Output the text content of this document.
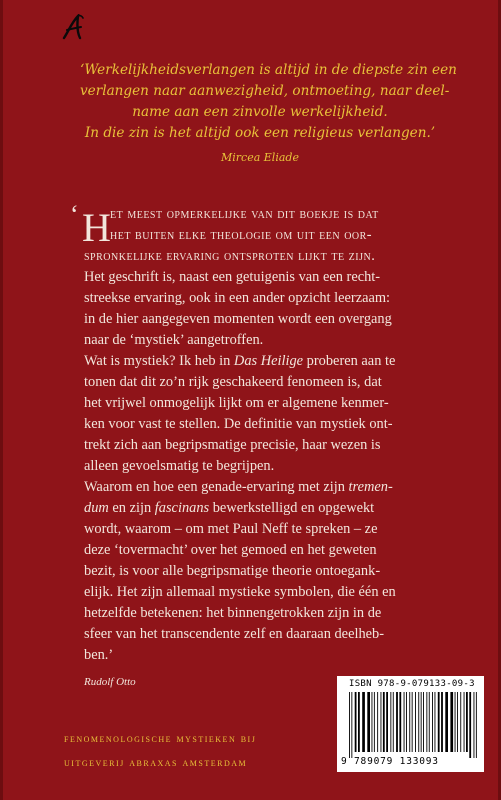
‘Werkelijkheidsverlangen is altijd in de diepste zin een
verlangen naar aanwezigheid, ontmoeting, naar deel-
name aan een zinvolle werkelijkheid.
In die zin is het altijd ook een religieus verlangen.’
Mircea Eliade
‘ H et meest opmerkelijke van dit boekje is dat
het buiten elke theologie om uit een oor-
spronkelijke ervaring ontsproten lijkt te zijn.
Het geschrift is, naast een getuigenis van een recht-
streekse ervaring, ook in een ander opzicht leerzaam:
in de hier aangegeven momenten wordt een overgang
naar de ‘mystiek’ aangetroffen.
Wat is mystiek? Ik heb in Das Heilige proberen aan te
tonen dat dit zo’n rijk geschakeerd fenomeen is, dat
het vrijwel onmogelijk lijkt om er algemene kenmer-
ken voor vast te stellen. De definitie van mystiek ont-
trekt zich aan begripsmatige precisie, haar wezen is
alleen gevoelsmatig te begrijpen.
Waarom en hoe een genade-ervaring met zijn tremen-
dum en zijn fascinans bewerkstelligd en opgewekt
wordt, waarom – om met Paul Neff te spreken – ze
deze ‘tovermacht’ over het gemoed en het geweten
bezit, is voor alle begripsmatige theorie ontoegank-
elijk. Het zijn allemaal mystieke symbolen, die één en
hetzelfde betekenen: het binnengetrokken zijn in de
sfeer van het transcendente zelf en daaraan deelheb-
ben.’
Rudolf Otto
fenomenologische mystieken bij
uitgeverij abraxas amsterdam
ISBN 978-9-079133-09-3
9 789079 133093
